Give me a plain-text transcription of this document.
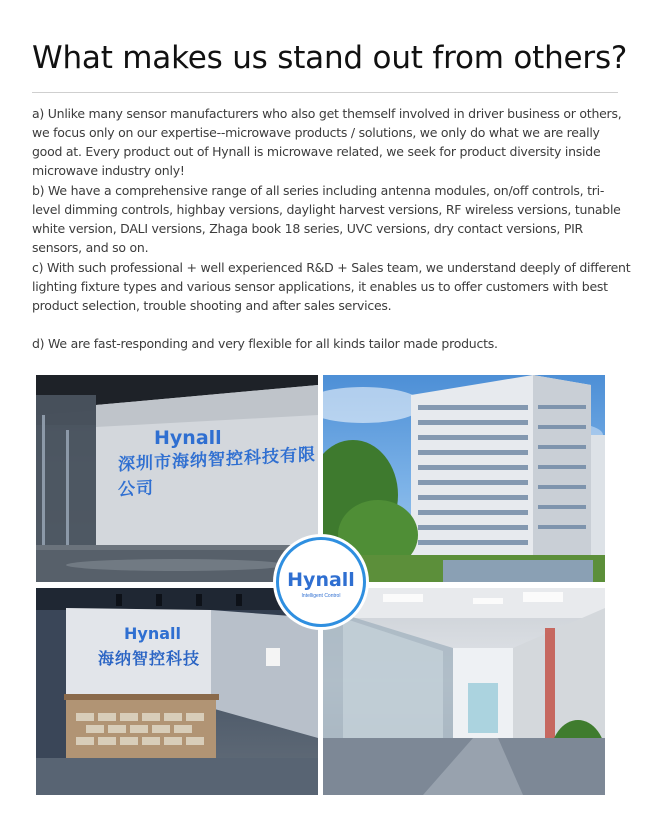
What makes us stand out from others?

a) Unlike many sensor manufacturers who also get themself involved in driver business or others, we focus only on our expertise--microwave products / solutions, we only do what we are really good at. Every product out of Hynall is microwave related, we seek for product diversity inside microwave industry only!

b) We have a comprehensive range of all series including antenna modules, on/off controls, tri-level dimming controls, highbay versions, daylight harvest versions, RF wireless versions, tunable white version, DALI versions, Zhaga book 18 series, UVC versions, dry contact versions, PIR sensors, and so on.

c) With such professional + well experienced R&D + Sales team, we understand deeply of different lighting fixture types and various sensor applications, it enables us to offer customers with best product selection, trouble shooting and after sales services.

d) We are fast-responding and very flexible for all kinds tailor made products.

Hynall
深圳市海纳智控科技有限公司
Hynall
海纳智控科技
Hynall
Intelligent Control
